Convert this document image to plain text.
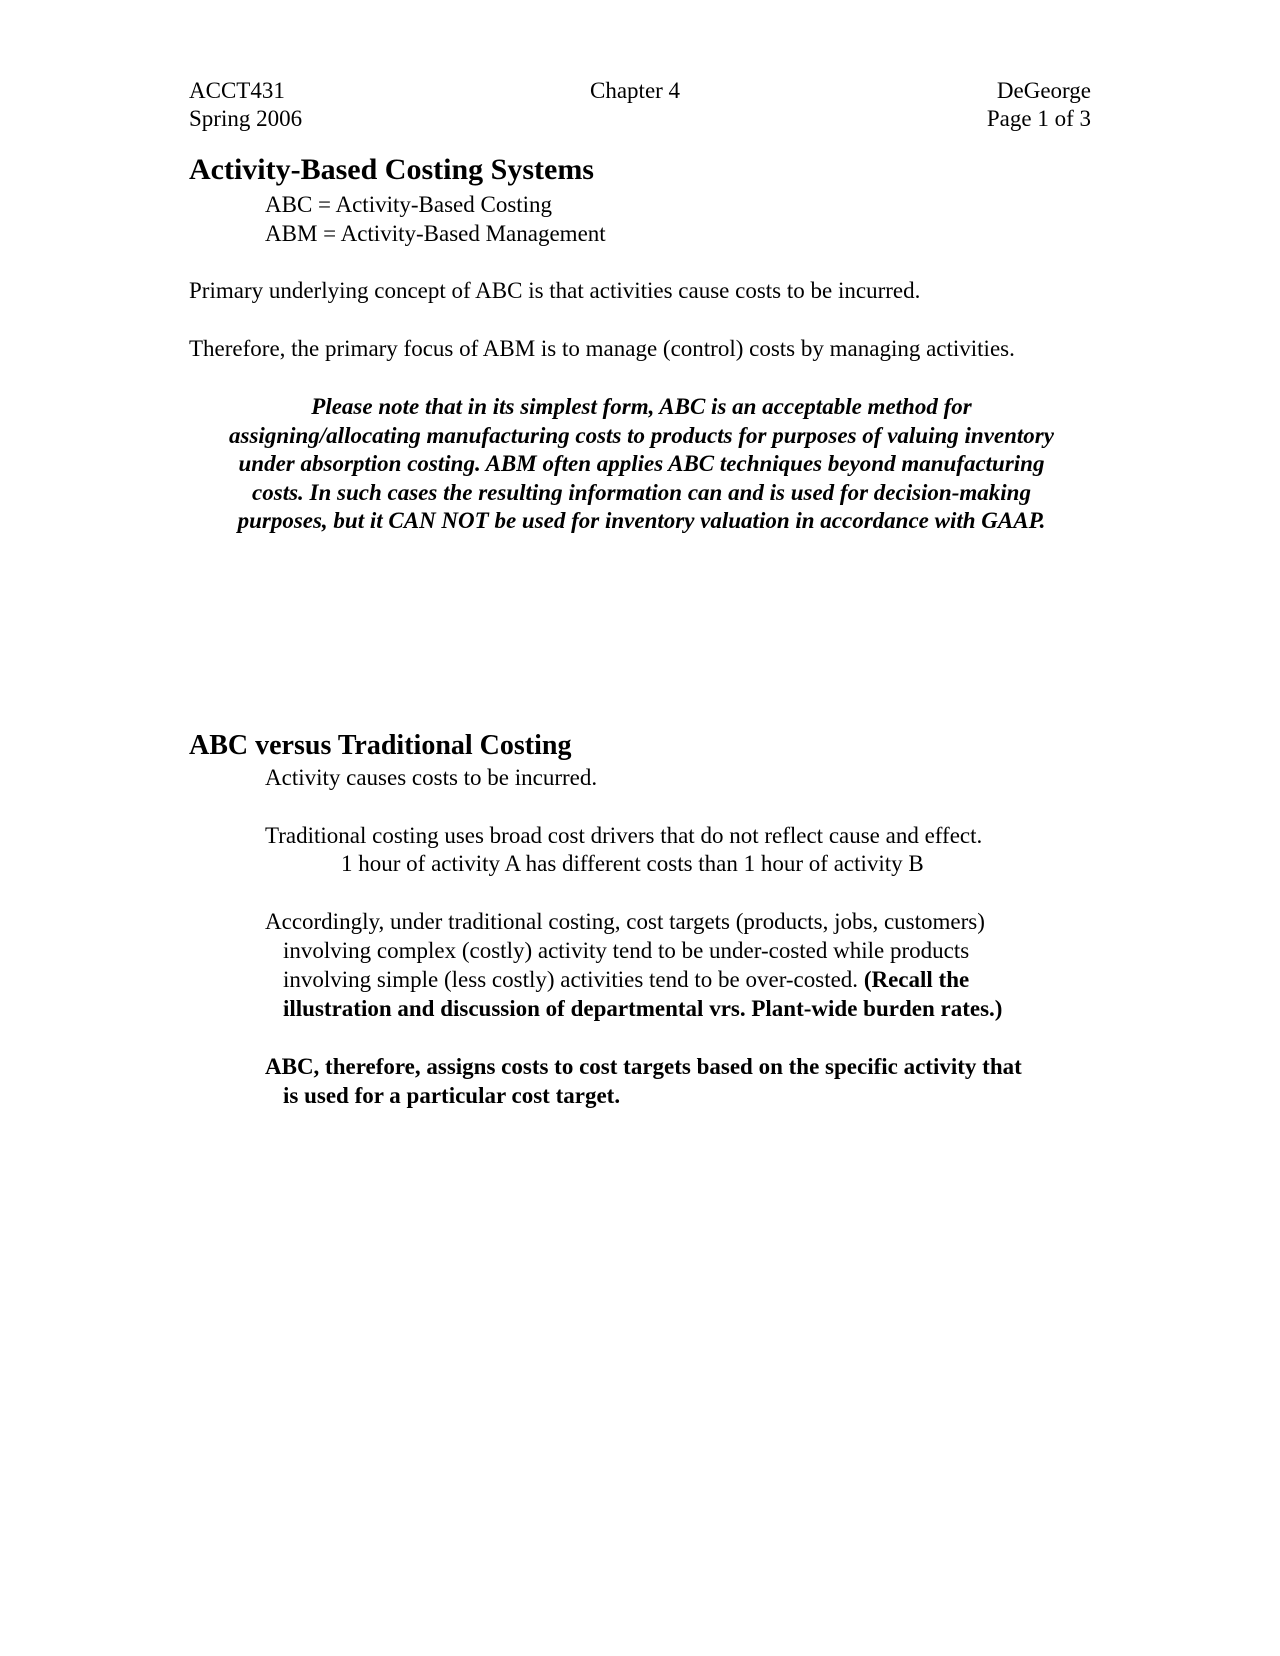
ACCT431
Spring 2006
Chapter 4	DeGeorge
Page 1 of 3
Activity-Based Costing Systems
ABC = Activity-Based Costing
ABM = Activity-Based Management
Primary underlying concept of ABC is that activities cause costs to be incurred.
Therefore, the primary focus of ABM is to manage (control) costs by managing activities.
Please note that in its simplest form, ABC is an acceptable method for
assigning/allocating manufacturing costs to products for purposes of valuing inventory
under absorption costing. ABM often applies ABC techniques beyond manufacturing
costs. In such cases the resulting information can and is used for decision-making
purposes, but it CAN NOT be used for inventory valuation in accordance with GAAP.
ABC versus Traditional Costing
Activity causes costs to be incurred.
Traditional costing uses broad cost drivers that do not reflect cause and effect.
1 hour of activity A has different costs than 1 hour of activity B
Accordingly, under traditional costing, cost targets (products, jobs, customers)
involving complex (costly) activity tend to be under-costed while products
involving simple (less costly) activities tend to be over-costed. (Recall the
illustration and discussion of departmental vrs. Plant-wide burden rates.)
ABC, therefore, assigns costs to cost targets based on the specific activity that
is used for a particular cost target.
